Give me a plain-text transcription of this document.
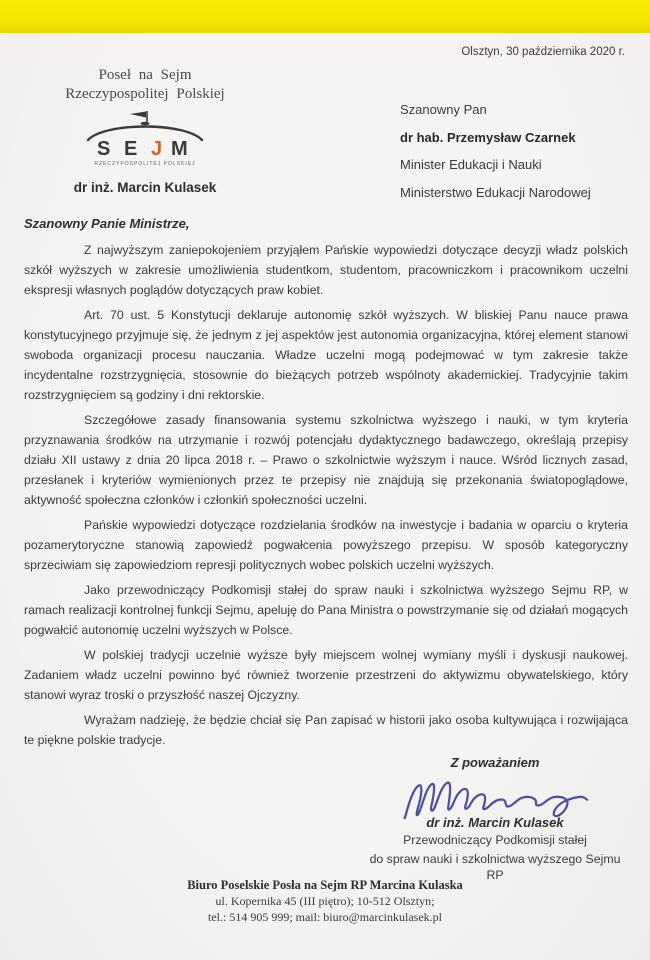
Olsztyn, 30 października 2020 r.
Poseł na Sejm
Rzeczypospolitej Polskiej
S E J M
RZECZYPOSPOLITEJ POLSKIEJ
dr inż. Marcin Kulasek
Szanowny Pan
dr hab. Przemysław Czarnek
Minister Edukacji i Nauki
Ministerstwo Edukacji Narodowej
Szanowny Panie Ministrze,

Z najwyższym zaniepokojeniem przyjąłem Pańskie wypowiedzi dotyczące decyzji władz polskich szkół wyższych w zakresie umożliwienia studentkom, studentom, pracowniczkom i pracownikom uczelni ekspresji własnych poglądów dotyczących praw kobiet.

Art. 70 ust. 5 Konstytucji deklaruje autonomię szkół wyższych. W bliskiej Panu nauce prawa konstytucyjnego przyjmuje się, że jednym z jej aspektów jest autonomia organizacyjna, której element stanowi swoboda organizacji procesu nauczania. Władze uczelni mogą podejmować w tym zakresie także incydentalne rozstrzygnięcia, stosownie do bieżących potrzeb wspólnoty akademickiej. Tradycyjnie takim rozstrzygnięciem są godziny i dni rektorskie.

Szczegółowe zasady finansowania systemu szkolnictwa wyższego i nauki, w tym kryteria przyznawania środków na utrzymanie i rozwój potencjału dydaktycznego badawczego, określają przepisy działu XII ustawy z dnia 20 lipca 2018 r. – Prawo o szkolnictwie wyższym i nauce. Wśród licznych zasad, przesłanek i kryteriów wymienionych przez te przepisy nie znajdują się przekonania światopoglądowe, aktywność społeczna członków i członkiń społeczności uczelni.

Pańskie wypowiedzi dotyczące rozdzielania środków na inwestycje i badania w oparciu o kryteria pozamerytoryczne stanowią zapowiedź pogwałcenia powyższego przepisu. W sposób kategoryczny sprzeciwiam się zapowiedziom represji politycznych wobec polskich uczelni wyższych.

Jako przewodniczący Podkomisji stałej do spraw nauki i szkolnictwa wyższego Sejmu RP, w ramach realizacji kontrolnej funkcji Sejmu, apeluję do Pana Ministra o powstrzymanie się od działań mogących pogwałcić autonomię uczelni wyższych w Polsce.

W polskiej tradycji uczelnie wyższe były miejscem wolnej wymiany myśli i dyskusji naukowej. Zadaniem władz uczelni powinno być również tworzenie przestrzeni do aktywizmu obywatelskiego, który stanowi wyraz troski o przyszłość naszej Ojczyzny.

Wyrażam nadzieję, że będzie chciał się Pan zapisać w historii jako osoba kultywująca i rozwijająca te piękne polskie tradycje.

Z poważaniem
dr inż. Marcin Kulasek
Przewodniczący Podkomisji stałej
do spraw nauki i szkolnictwa wyższego Sejmu RP
Biuro Poselskie Posła na Sejm RP Marcina Kulaska
ul. Kopernika 45 (III piętro); 10-512 Olsztyn;
tel.: 514 905 999; mail: biuro@marcinkulasek.pl
